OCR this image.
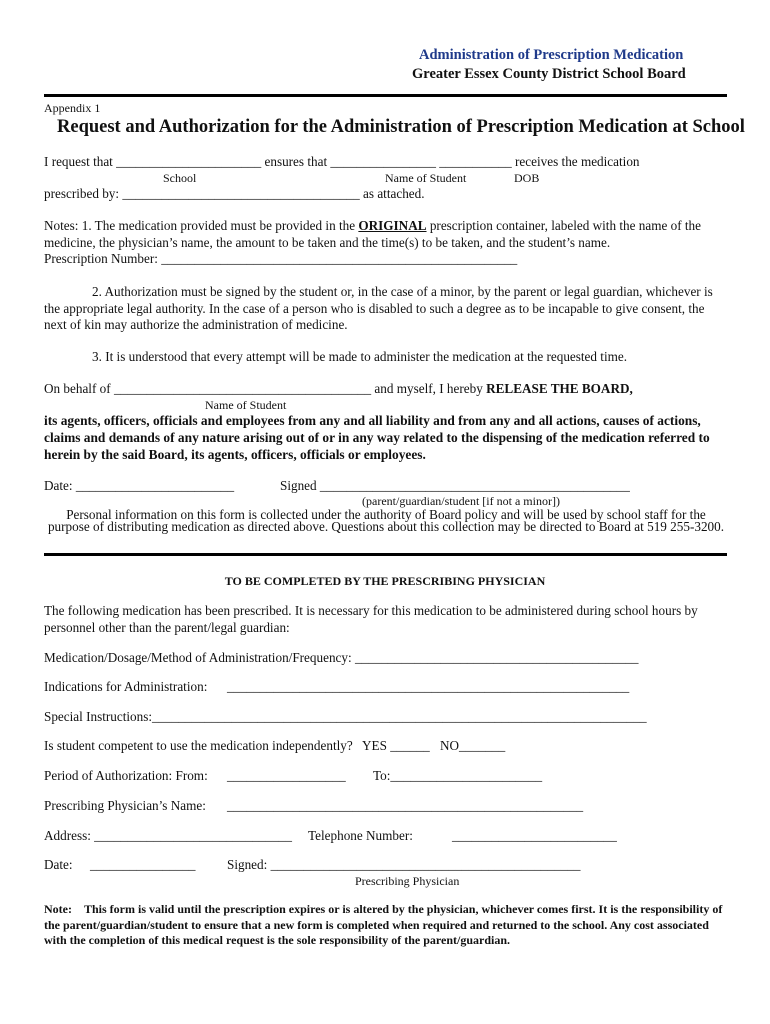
Administration of Prescription Medication
Greater Essex County District School Board
Appendix 1
Request and Authorization for the Administration of Prescription Medication at School
I request that ______________________ ensures that ________________ ___________ receives the medication
School	Name of Student	DOB
prescribed by: ____________________________________ as attached.
Notes: 1. The medication provided must be provided in the ORIGINAL prescription container, labeled with the name of the medicine, the physician’s name, the amount to be taken and the time(s) to be taken, and the student’s name.
Prescription Number: ______________________________________________________
2. Authorization must be signed by the student or, in the case of a minor, by the parent or legal guardian, whichever is the appropriate legal authority. In the case of a person who is disabled to such a degree as to be incapable to give consent, the next of kin may authorize the administration of medicine.
3. It is understood that every attempt will be made to administer the medication at the requested time.
On behalf of _______________________________________ and myself, I hereby RELEASE THE BOARD,
Name of Student
its agents, officers, officials and employees from any and all liability and from any and all actions, causes of actions, claims and demands of any nature arising out of or in any way related to the dispensing of the medication referred to herein by the said Board, its agents, officers, officials or employees.
Date: ________________________	Signed _______________________________________________
(parent/guardian/student [if not a minor])
Personal information on this form is collected under the authority of Board policy and will be used by school staff for the purpose of distributing medication as directed above. Questions about this collection may be directed to Board at 519 255-3200.
TO BE COMPLETED BY THE PRESCRIBING PHYSICIAN
The following medication has been prescribed. It is necessary for this medication to be administered during school hours by personnel other than the parent/legal guardian:
Medication/Dosage/Method of Administration/Frequency: ___________________________________________
Indications for Administration: _____________________________________________________________
Special Instructions:___________________________________________________________________________
Is student competent to use the medication independently? YES ______ NO_______
Period of Authorization: From: __________________ To:_______________________
Prescribing Physician’s Name: ______________________________________________________
Address: ______________________________ Telephone Number:	_________________________
Date: ________________ Signed: _______________________________________________
Prescribing Physician
Note: This form is valid until the prescription expires or is altered by the physician, whichever comes first. It is the responsibility of the parent/guardian/student to ensure that a new form is completed when required and returned to the school. Any cost associated with the completion of this medical request is the sole responsibility of the parent/guardian.
